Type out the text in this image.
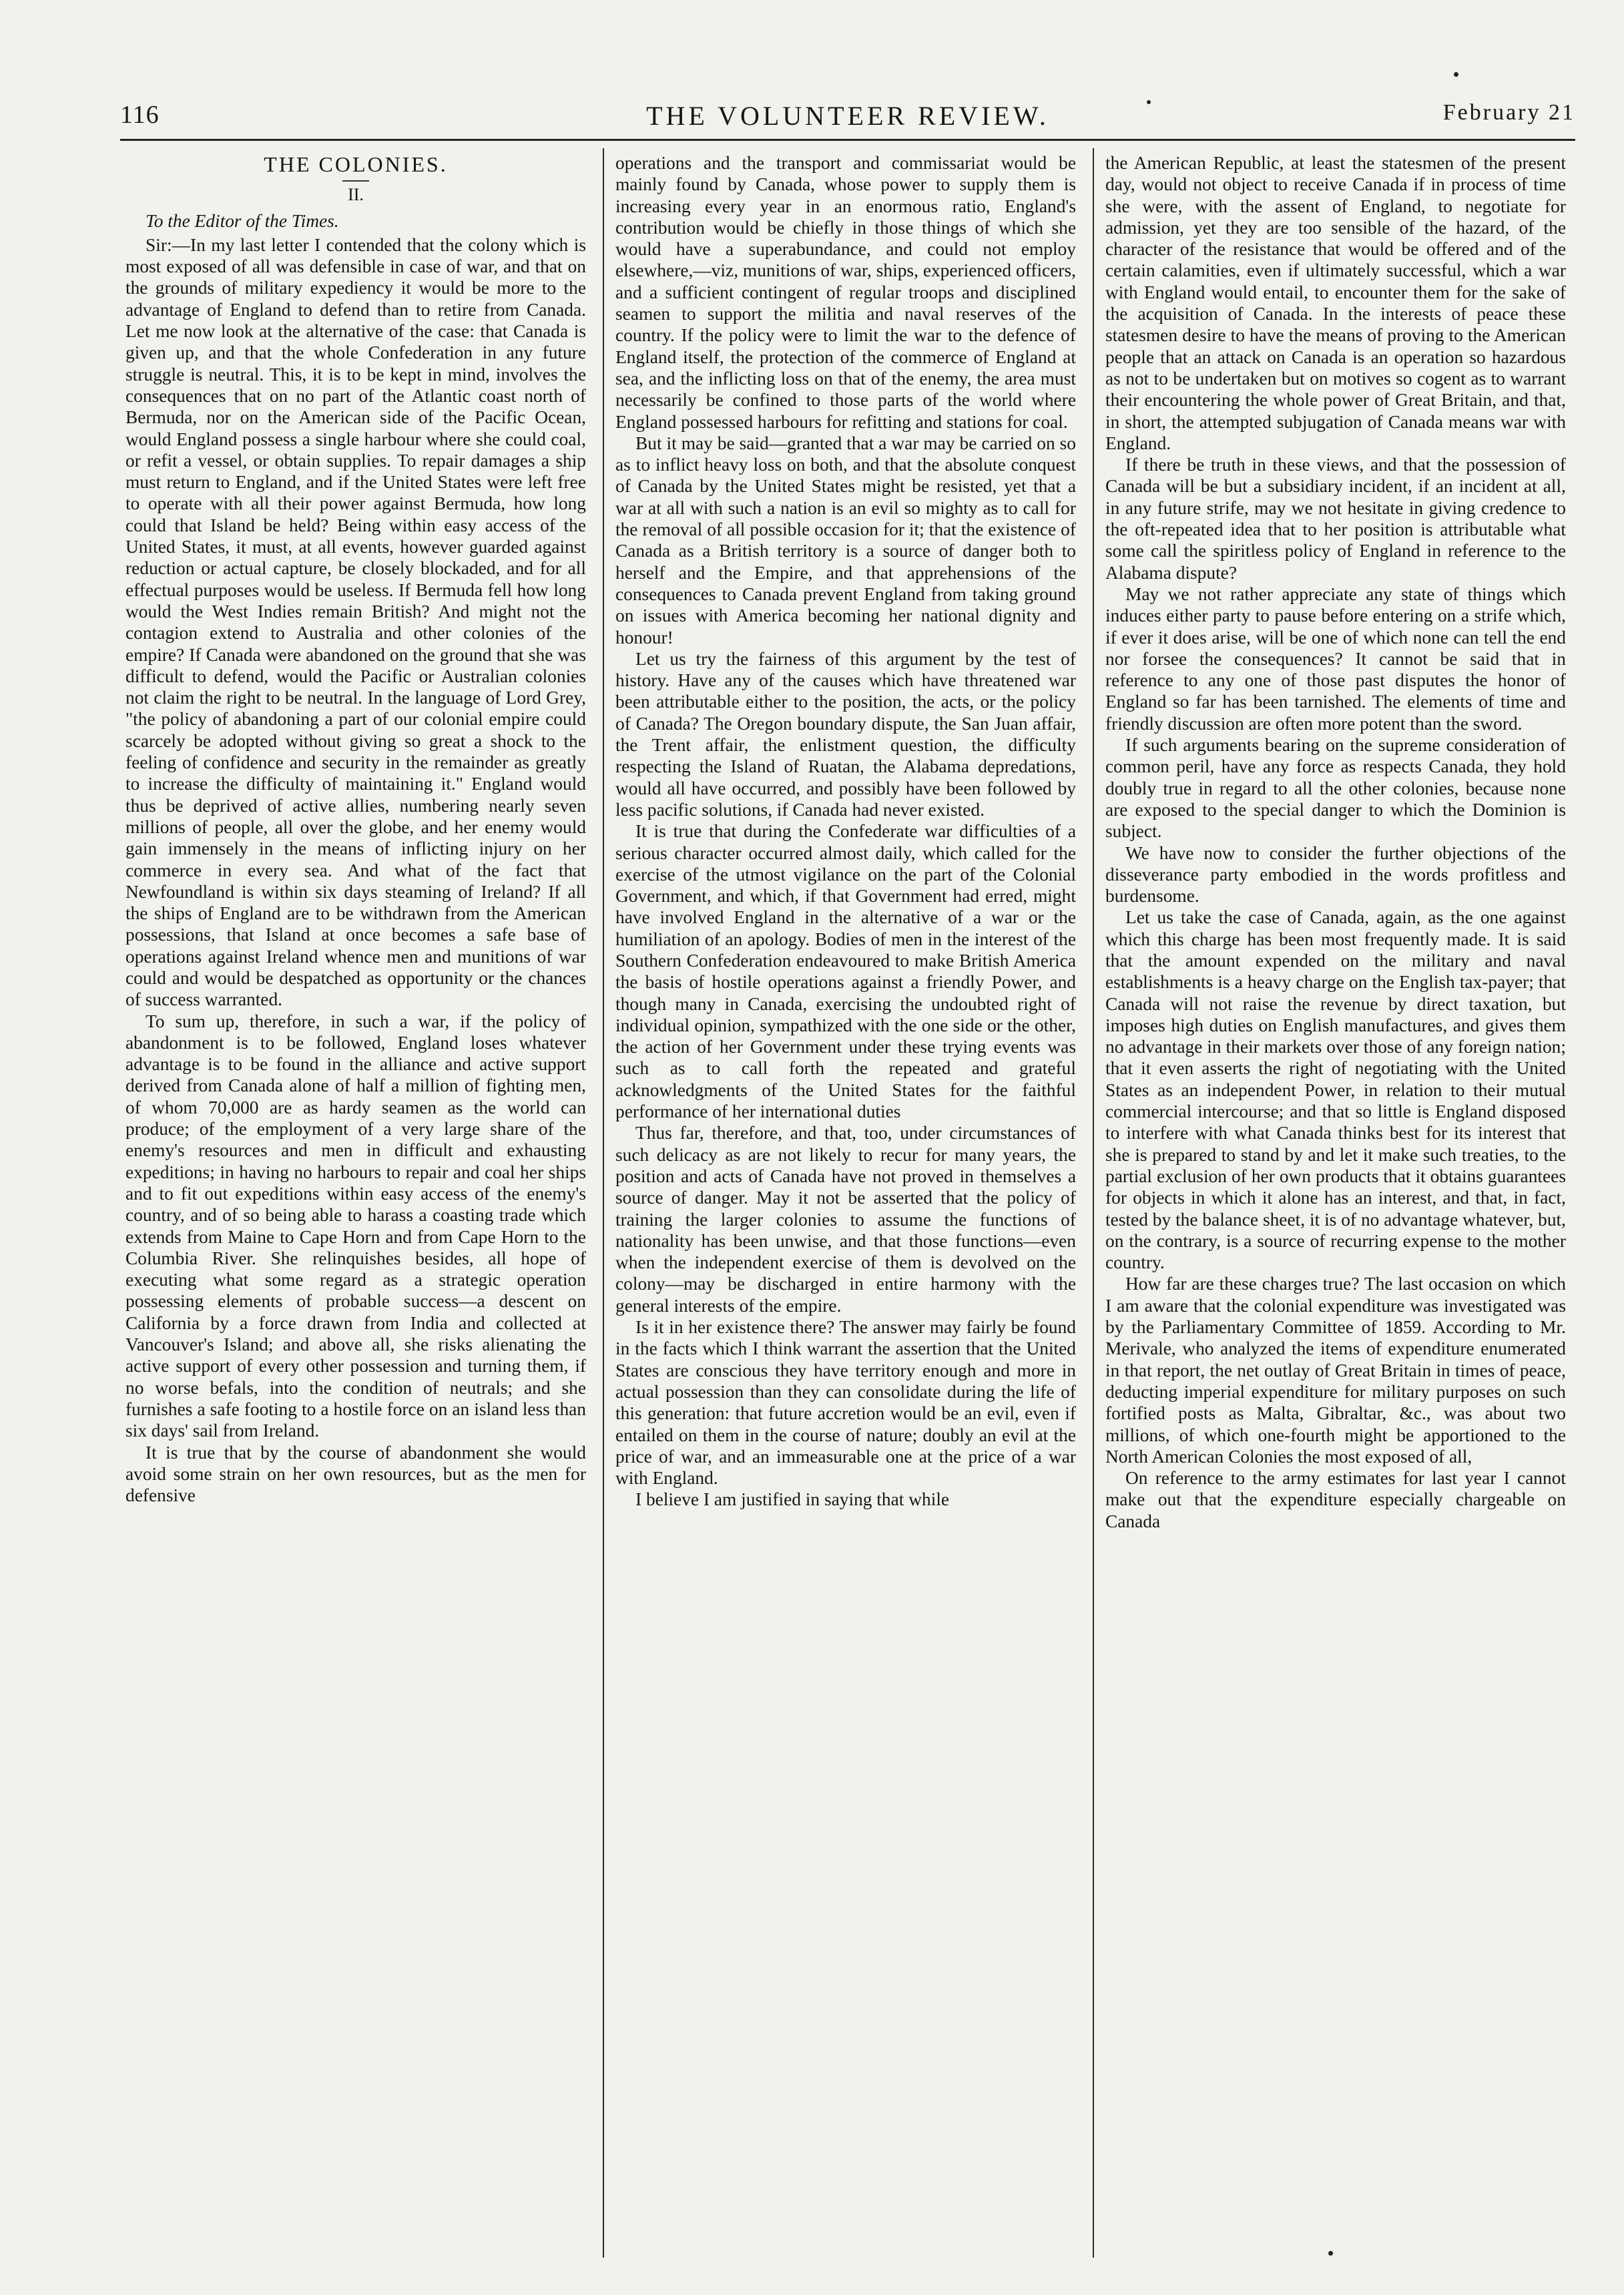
116	THE VOLUNTEER REVIEW.	February 21
THE COLONIES.
II.
To the Editor of the Times.

Sir:—In my last letter I contended that the colony which is most exposed of all was defensible in case of war, and that on the grounds of military expediency it would be more to the advantage of England to defend than to retire from Canada. Let me now look at the alternative of the case: that Canada is given up, and that the whole Confederation in any future struggle is neutral. This, it is to be kept in mind, involves the consequences that on no part of the Atlantic coast north of Bermuda, nor on the American side of the Pacific Ocean, would England possess a single harbour where she could coal, or refit a vessel, or obtain supplies. To repair damages a ship must return to England, and if the United States were left free to operate with all their power against Bermuda, how long could that Island be held? Being within easy access of the United States, it must, at all events, however guarded against reduction or actual capture, be closely blockaded, and for all effectual purposes would be useless. If Bermuda fell how long would the West Indies remain British? And might not the contagion extend to Australia and other colonies of the empire? If Canada were abandoned on the ground that she was difficult to defend, would the Pacific or Australian colonies not claim the right to be neutral. In the language of Lord Grey, "the policy of abandoning a part of our colonial empire could scarcely be adopted without giving so great a shock to the feeling of confidence and security in the remainder as greatly to increase the difficulty of maintaining it." England would thus be deprived of active allies, numbering nearly seven millions of people, all over the globe, and her enemy would gain immensely in the means of inflicting injury on her commerce in every sea. And what of the fact that Newfoundland is within six days steaming of Ireland? If all the ships of England are to be withdrawn from the American possessions, that Island at once becomes a safe base of operations against Ireland whence men and munitions of war could and would be despatched as opportunity or the chances of success warranted.

To sum up, therefore, in such a war, if the policy of abandonment is to be followed, England loses whatever advantage is to be found in the alliance and active support derived from Canada alone of half a million of fighting men, of whom 70,000 are as hardy seamen as the world can produce; of the employment of a very large share of the enemy's resources and men in difficult and exhausting expeditions; in having no harbours to repair and coal her ships and to fit out expeditions within easy access of the enemy's country, and of so being able to harass a coasting trade which extends from Maine to Cape Horn and from Cape Horn to the Columbia River. She relinquishes besides, all hope of executing what some regard as a strategic operation possessing elements of probable success—a descent on California by a force drawn from India and collected at Vancouver's Island; and above all, she risks alienating the active support of every other possession and turning them, if no worse befals, into the condition of neutrals; and she furnishes a safe footing to a hostile force on an island less than six days' sail from Ireland.

It is true that by the course of abandonment she would avoid some strain on her own resources, but as the men for defensive

operations and the transport and commissariat would be mainly found by Canada, whose power to supply them is increasing every year in an enormous ratio, England's contribution would be chiefly in those things of which she would have a superabundance, and could not employ elsewhere,—viz, munitions of war, ships, experienced officers, and a sufficient contingent of regular troops and disciplined seamen to support the militia and naval reserves of the country. If the policy were to limit the war to the defence of England itself, the protection of the commerce of England at sea, and the inflicting loss on that of the enemy, the area must necessarily be confined to those parts of the world where England possessed harbours for refitting and stations for coal.

But it may be said—granted that a war may be carried on so as to inflict heavy loss on both, and that the absolute conquest of Canada by the United States might be resisted, yet that a war at all with such a nation is an evil so mighty as to call for the removal of all possible occasion for it; that the existence of Canada as a British territory is a source of danger both to herself and the Empire, and that apprehensions of the consequences to Canada prevent England from taking ground on issues with America becoming her national dignity and honour!

Let us try the fairness of this argument by the test of history. Have any of the causes which have threatened war been attributable either to the position, the acts, or the policy of Canada? The Oregon boundary dispute, the San Juan affair, the Trent affair, the enlistment question, the difficulty respecting the Island of Ruatan, the Alabama depredations, would all have occurred, and possibly have been followed by less pacific solutions, if Canada had never existed.

It is true that during the Confederate war difficulties of a serious character occurred almost daily, which called for the exercise of the utmost vigilance on the part of the Colonial Government, and which, if that Government had erred, might have involved England in the alternative of a war or the humiliation of an apology. Bodies of men in the interest of the Southern Confederation endeavoured to make British America the basis of hostile operations against a friendly Power, and though many in Canada, exercising the undoubted right of individual opinion, sympathized with the one side or the other, the action of her Government under these trying events was such as to call forth the repeated and grateful acknowledgments of the United States for the faithful performance of her international duties

Thus far, therefore, and that, too, under circumstances of such delicacy as are not likely to recur for many years, the position and acts of Canada have not proved in themselves a source of danger. May it not be asserted that the policy of training the larger colonies to assume the functions of nationality has been unwise, and that those functions—even when the independent exercise of them is devolved on the colony—may be discharged in entire harmony with the general interests of the empire.

Is it in her existence there? The answer may fairly be found in the facts which I think warrant the assertion that the United States are conscious they have territory enough and more in actual possession than they can consolidate during the life of this generation: that future accretion would be an evil, even if entailed on them in the course of nature; doubly an evil at the price of war, and an immeasurable one at the price of a war with England.

I believe I am justified in saying that while

the American Republic, at least the statesmen of the present day, would not object to receive Canada if in process of time she were, with the assent of England, to negotiate for admission, yet they are too sensible of the hazard, of the character of the resistance that would be offered and of the certain calamities, even if ultimately successful, which a war with England would entail, to encounter them for the sake of the acquisition of Canada. In the interests of peace these statesmen desire to have the means of proving to the American people that an attack on Canada is an operation so hazardous as not to be undertaken but on motives so cogent as to warrant their encountering the whole power of Great Britain, and that, in short, the attempted subjugation of Canada means war with England.

If there be truth in these views, and that the possession of Canada will be but a subsidiary incident, if an incident at all, in any future strife, may we not hesitate in giving credence to the oft-repeated idea that to her position is attributable what some call the spiritless policy of England in reference to the Alabama dispute?

May we not rather appreciate any state of things which induces either party to pause before entering on a strife which, if ever it does arise, will be one of which none can tell the end nor forsee the consequences? It cannot be said that in reference to any one of those past disputes the honor of England so far has been tarnished. The elements of time and friendly discussion are often more potent than the sword.

If such arguments bearing on the supreme consideration of common peril, have any force as respects Canada, they hold doubly true in regard to all the other colonies, because none are exposed to the special danger to which the Dominion is subject.

We have now to consider the further objections of the disseverance party embodied in the words profitless and burdensome.

Let us take the case of Canada, again, as the one against which this charge has been most frequently made. It is said that the amount expended on the military and naval establishments is a heavy charge on the English tax-payer; that Canada will not raise the revenue by direct taxation, but imposes high duties on English manufactures, and gives them no advantage in their markets over those of any foreign nation; that it even asserts the right of negotiating with the United States as an independent Power, in relation to their mutual commercial intercourse; and that so little is England disposed to interfere with what Canada thinks best for its interest that she is prepared to stand by and let it make such treaties, to the partial exclusion of her own products that it obtains guarantees for objects in which it alone has an interest, and that, in fact, tested by the balance sheet, it is of no advantage whatever, but, on the contrary, is a source of recurring expense to the mother country.

How far are these charges true? The last occasion on which I am aware that the colonial expenditure was investigated was by the Parliamentary Committee of 1859. According to Mr. Merivale, who analyzed the items of expenditure enumerated in that report, the net outlay of Great Britain in times of peace, deducting imperial expenditure for military purposes on such fortified posts as Malta, Gibraltar, &c., was about two millions, of which one-fourth might be apportioned to the North American Colonies the most exposed of all,

On reference to the army estimates for last year I cannot make out that the expenditure especially chargeable on Canada
